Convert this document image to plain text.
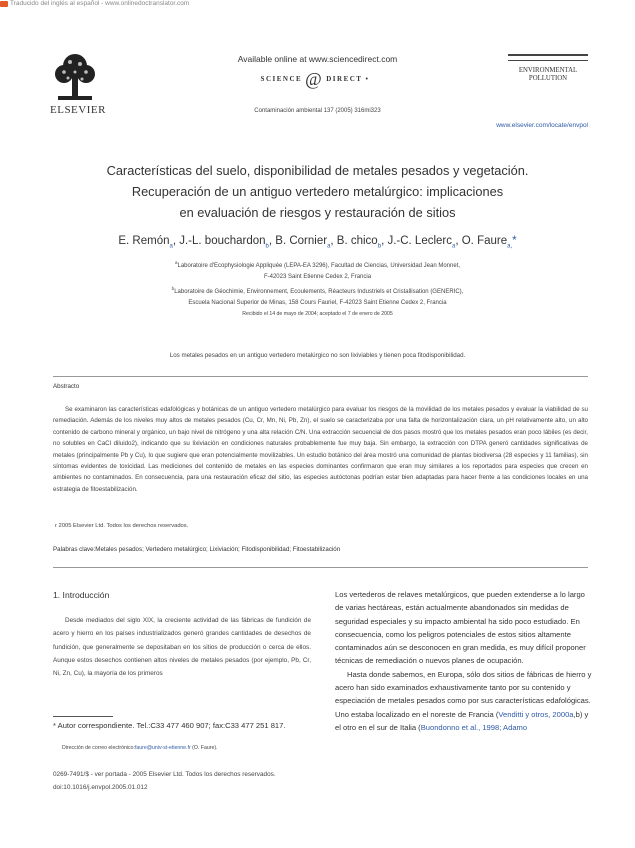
Traducido del inglés al español - www.onlinedoctranslator.com
ELSEVIER
Available online at www.sciencedirect.com
SCIENCE @ DIRECT •
Contaminación ambiental 137 (2005) 316mi323
ENVIRONMENTAL
POLLUTION
www.elsevier.com/locate/envpol
Características del suelo, disponibilidad de metales pesados y vegetación.
Recuperación de un antiguo vertedero metalúrgico: implicaciones
en evaluación de riesgos y restauración de sitios
E. Remón$_a$, J.-L. bouchardon$_b$, B. Cornier$_a$, B. chico$_b$, J.-C. Leclerc$_a$, O. Faure$_{a,}$*
$^a$Laboratoire d'Ecophysiologie Appliquée (LEPA-EA 3296), Facultad de Ciencias, Universidad Jean Monnet,
F-42023 Saint Etienne Cedex 2, Francia
$^b$Laboratoire de Géochimie, Environnement, Ecoulements, Réacteurs Industriels et Cristallisation (GENERIC),
Escuela Nacional Superior de Minas, 158 Cours Fauriel, F-42023 Saint Etienne Cedex 2, Francia
Recibido el 14 de mayo de 2004; aceptado el 7 de enero de 2005
Los metales pesados en un antiguo vertedero metalúrgico no son lixiviables y tienen poca fitodisponibilidad.
Abstracto
Se examinaron las características edafológicas y botánicas de un antiguo vertedero metalúrgico para evaluar los riesgos de la movilidad de los metales pesados y evaluar la viabilidad de su remediación. Además de los niveles muy altos de metales pesados (Cu, Cr, Mn, Ni, Pb, Zn), el suelo se caracterizaba por una falta de horizontalización clara, un pH relativamente alto, un alto contenido de carbono mineral y orgánico, un bajo nivel de nitrógeno y una alta relación C/N. Una extracción secuencial de dos pasos mostró que los metales pesados eran poco lábiles (es decir, no solubles en CaCl diluido2), indicando que su lixiviación en condiciones naturales probablemente fue muy baja. Sin embargo, la extracción con DTPA generó cantidades significativas de metales (principalmente Pb y Cu), lo que sugiere que eran potencialmente movilizables. Un estudio botánico del área mostró una comunidad de plantas biodiversa (28 especies y 11 familias), sin síntomas evidentes de toxicidad. Las mediciones del contenido de metales en las especies dominantes confirmaron que eran muy similares a los reportados para especies que crecen en ambientes no contaminados. En consecuencia, para una restauración eficaz del sitio, las especies autóctonas podrían estar bien adaptadas para hacer frente a las condiciones locales en una estrategia de fitoestabilización.
r 2005 Elsevier Ltd. Todos los derechos reservados.
Palabras clave:Metales pesados; Vertedero metalúrgico; Lixiviación; Fitodisponibilidad; Fitoestabilización
1. Introducción
Desde mediados del siglo XIX, la creciente actividad de las fábricas de fundición de acero y hierro en los países industrializados generó grandes cantidades de desechos de fundición, que generalmente se depositaban en los sitios de producción o cerca de ellos. Aunque estos desechos contienen altos niveles de metales pesados (por ejemplo, Pb, Cr, Ni, Zn, Cu), la mayoría de los primeros

Los vertederos de relaves metalúrgicos, que pueden extenderse a lo largo de varias hectáreas, están actualmente abandonados sin medidas de seguridad especiales y su impacto ambiental ha sido poco estudiado. En consecuencia, como los peligros potenciales de estos sitios altamente contaminados aún se desconocen en gran medida, es muy difícil proponer técnicas de remediación o nuevos planes de ocupación.

Hasta donde sabemos, en Europa, sólo dos sitios de fábricas de hierro y acero han sido examinados exhaustivamente tanto por su contenido y especiación de metales pesados como por sus características edafológicas. Uno estaba localizado en el noreste de Francia (Venditti y otros, 2000a,b) y el otro en el sur de Italia (Buondonno et al., 1998; Adamo

* Autor correspondiente. Tel.:C33 477 460 907; fax:C33 477 251 817.
Dirección de correo electrónico:faure@univ-st-etienne.fr (O. Faure).
0269-7491/$ - ver portada - 2005 Elsevier Ltd. Todos los derechos reservados.
doi:10.1016/j.envpol.2005.01.012
